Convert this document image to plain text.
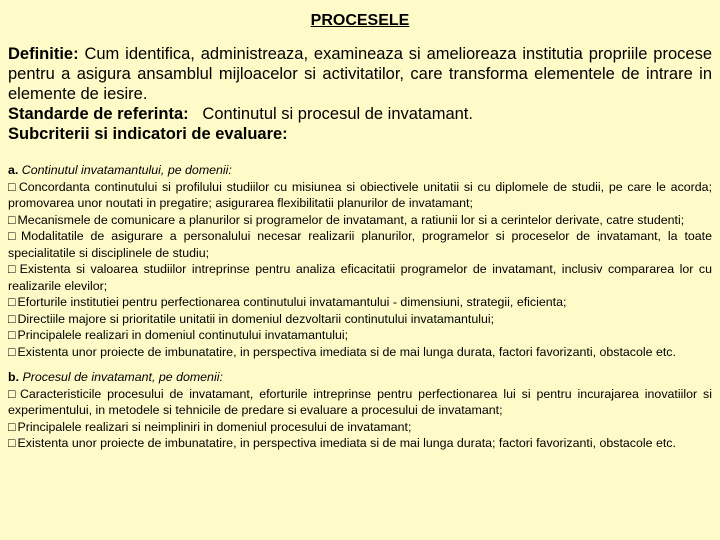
PROCESELE

Definitie: Cum identifica, administreaza, examineaza si amelioreaza institutia propriile procese pentru a asigura ansamblul mijloacelor si activitatilor, care transforma elementele de intrare in elemente de iesire.

Standarde de referinta: Continutul si procesul de invatamant.

Subcriterii si indicatori de evaluare:

a. Continutul invatamantului, pe domenii:

□ Concordanta continutului si profilului studiilor cu misiunea si obiectivele unitatii si cu diplomele de studii, pe care le acorda; promovarea unor noutati in pregatire; asigurarea flexibilitatii planurilor de invatamant;

□ Mecanismele de comunicare a planurilor si programelor de invatamant, a ratiunii lor si a cerintelor derivate, catre studenti;

□ Modalitatile de asigurare a personalului necesar realizarii planurilor, programelor si proceselor de invatamant, la toate specialitatile si disciplinele de studiu;

□ Existenta si valoarea studiilor intreprinse pentru analiza eficacitatii programelor de invatamant, inclusiv compararea lor cu realizarile elevilor;

□ Eforturile institutiei pentru perfectionarea continutului invatamantului - dimensiuni, strategii, eficienta;

□ Directiile majore si prioritatile unitatii in domeniul dezvoltarii continutului invatamantului;

□ Principalele realizari in domeniul continutului invatamantului;

□ Existenta unor proiecte de imbunatatire, in perspectiva imediata si de mai lunga durata, factori favorizanti, obstacole etc.

b. Procesul de invatamant, pe domenii:

□ Caracteristicile procesului de invatamant, eforturile intreprinse pentru perfectionarea lui si pentru incurajarea inovatiilor si experimentului, in metodele si tehnicile de predare si evaluare a procesului de invatamant;

□ Principalele realizari si neimpliniri in domeniul procesului de invatamant;

□ Existenta unor proiecte de imbunatatire, in perspectiva imediata si de mai lunga durata; factori favorizanti, obstacole etc.
